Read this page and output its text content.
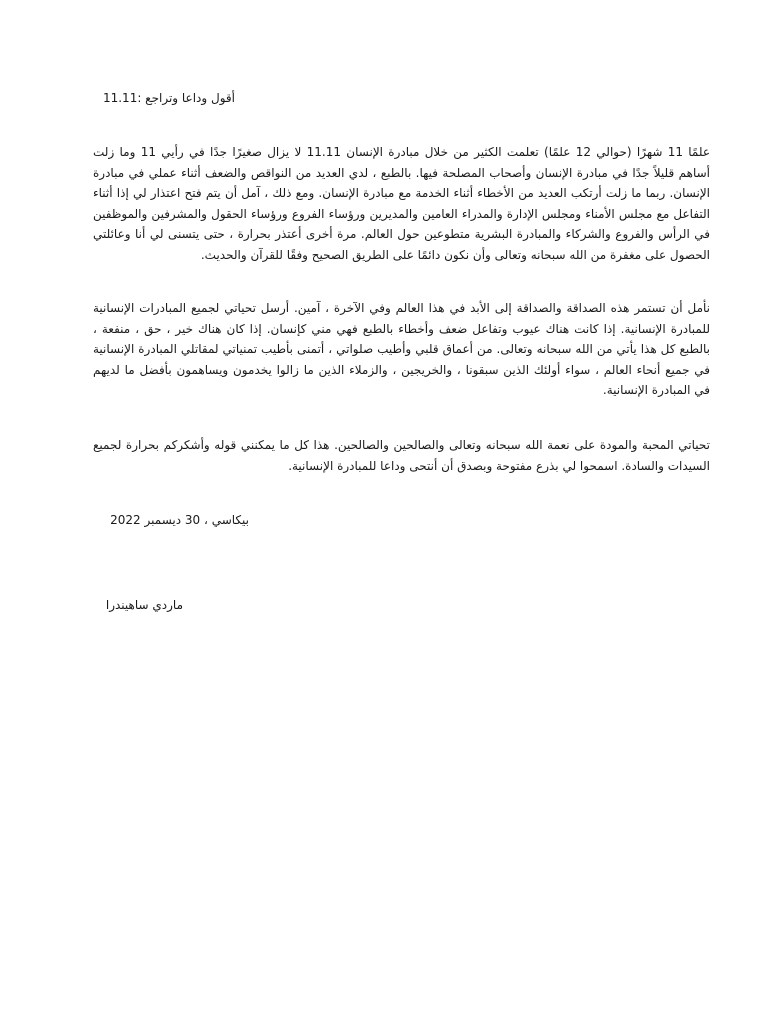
أقول وداعا وتراجع :11.11

علمًا 11 شهرًا (حوالي 12 علمًا) تعلمت الكثير من خلال مبادرة الإنسان 11.11 لا يزال صغيرًا جدًا في رأيي 11 وما زلت أساهم قليلاً جدًا في مبادرة الإنسان وأصحاب المصلحة فيها. بالطبع ، لدي العديد من النواقص والضعف أثناء عملي في مبادرة الإنسان. ربما ما زلت أرتكب العديد من الأخطاء أثناء الخدمة مع مبادرة الإنسان. ومع ذلك ، آمل أن يتم فتح اعتذار لي إذا أثناء التفاعل مع مجلس الأمناء ومجلس الإدارة والمدراء العامين والمديرين ورؤساء الفروع ورؤساء الحقول والمشرفين والموظفين في الرأس والفروع والشركاء والمبادرة البشرية متطوعين حول العالم. مرة أخرى أعتذر بحرارة ، حتى يتسنى لي أنا وعائلتي الحصول على مغفرة من الله سبحانه وتعالى وأن نكون دائمًا على الطريق الصحيح وفقًا للقرآن والحديث.

نأمل أن تستمر هذه الصداقة والصداقة إلى الأبد في هذا العالم وفي الآخرة ، آمين. أرسل تحياتي لجميع المبادرات الإنسانية للمبادرة الإنسانية. إذا كانت هناك عيوب وتفاعل ضعف وأخطاء بالطبع فهي مني كإنسان. إذا كان هناك خير ، حق ، منفعة ، بالطبع كل هذا يأتي من الله سبحانه وتعالى. من أعماق قلبي وأطيب صلواتي ، أتمنى بأطيب تمنياتي لمقاتلي المبادرة الإنسانية في جميع أنحاء العالم ، سواء أولئك الذين سبقونا ، والخريجين ، والزملاء الذين ما زالوا يخدمون ويساهمون بأفضل ما لديهم في المبادرة الإنسانية.

تحياتي المحبة والمودة على نعمة الله سبحانه وتعالى والصالحين والصالحين. هذا كل ما يمكنني قوله وأشكركم بحرارة لجميع السيدات والسادة. اسمحوا لي بذرع مفتوحة وبصدق أن أنتحى وداعا للمبادرة الإنسانية.

بيكاسي ، 30 ديسمبر 2022

ماردي ساهيندرا
